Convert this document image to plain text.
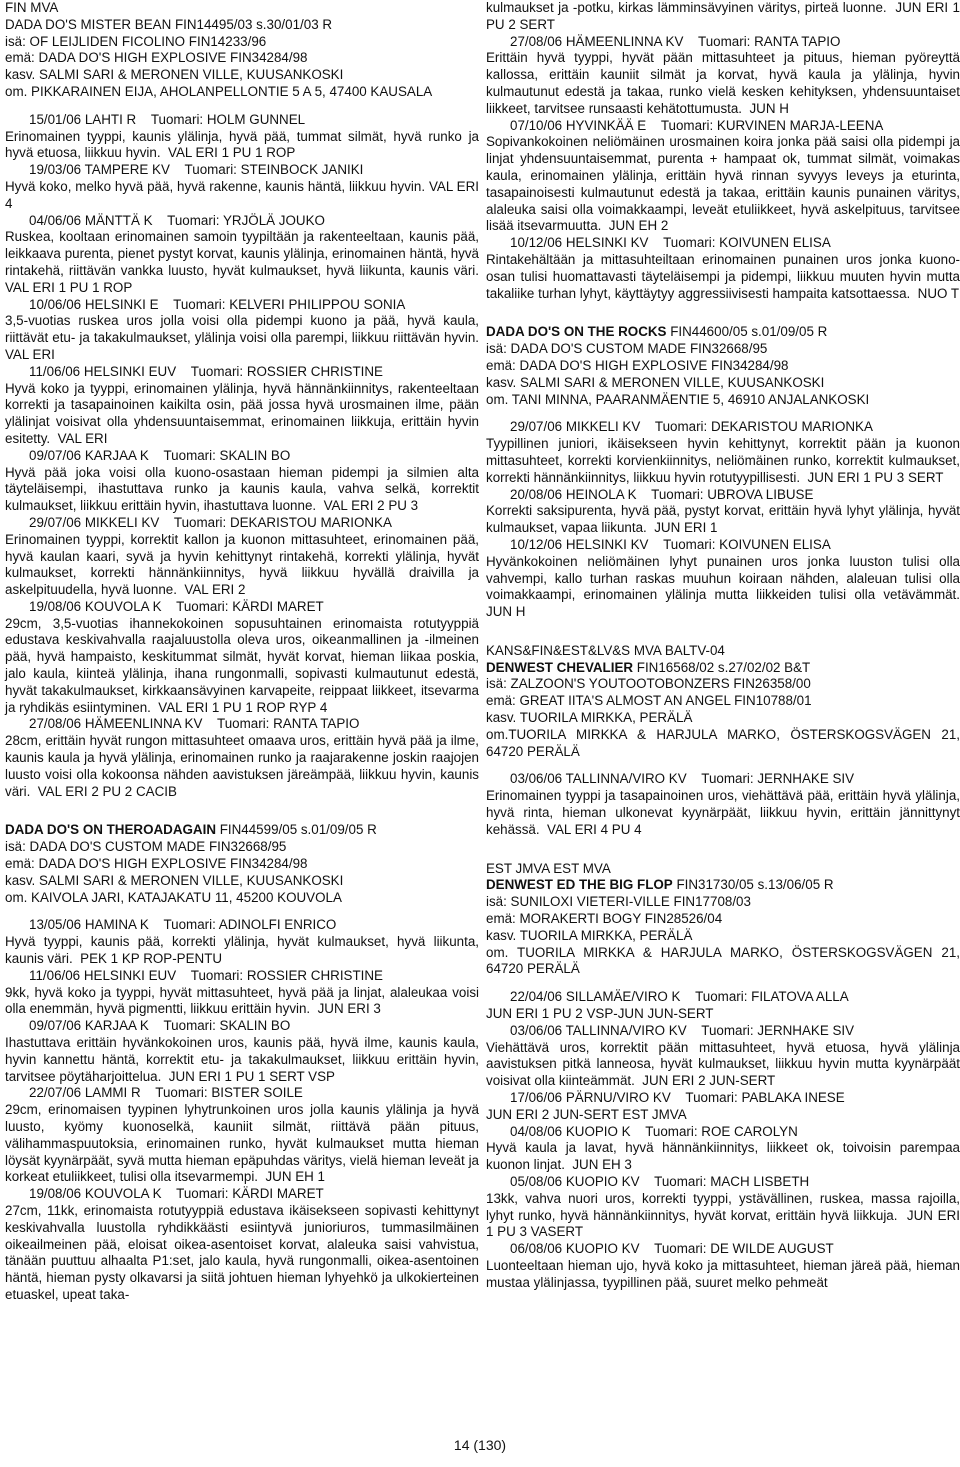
FIN MVA
DADA DO'S MISTER BEAN FIN14495/03 s.30/01/03 R
isä: OF LEIJLIDEN FICOLINO FIN14233/96
emä: DADA DO'S HIGH EXPLOSIVE FIN34284/98
kasv. SALMI SARI & MERONEN VILLE, KUUSANKOSKI
om. PIKKARAINEN EIJA, AHOLANPELLONTIE 5 A 5, 47400 KAUSALA
15/01/06 LAHTI R    Tuomari: HOLM GUNNEL
Erinomainen tyyppi, kaunis ylälinja, hyvä pää, tummat silmät, hyvä runko ja hyvä etuosa, liikkuu hyvin.  VAL ERI 1 PU 1 ROP
19/03/06 TAMPERE KV    Tuomari: STEINBOCK JANIKI
Hyvä koko, melko hyvä pää, hyvä rakenne, kaunis häntä, liikkuu hyvin. VAL ERI 4
04/06/06 MÄNTTÄ K    Tuomari: YRJÖLÄ JOUKO
Ruskea, kooltaan erinomainen samoin tyypiltään ja rakenteeltaan, kaunis pää, leikkaava purenta, pienet pystyt korvat, kaunis ylälinja, erinomainen häntä, hyvä rintakehä, riittävän vankka luusto, hyvät kulmaukset, hyvä liikunta, kaunis väri.  VAL ERI 1 PU 1 ROP
10/06/06 HELSINKI E    Tuomari: KELVERI PHILIPPOU SONIA
3,5-vuotias ruskea uros jolla voisi olla pidempi kuono ja pää, hyvä kaula, riittävät etu- ja takakulmaukset, ylälinja voisi olla parempi, liikkuu riittävän hyvin.  VAL ERI
11/06/06 HELSINKI EUV    Tuomari: ROSSIER CHRISTINE
Hyvä koko ja tyyppi, erinomainen ylälinja, hyvä hännänkiinnitys, rakenteeltaan korrekti ja tasapainoinen kaikilta osin, pää jossa hyvä urosmainen ilme, pään ylälinjat voisivat olla yhdensuuntaisemmat, erinomainen liikkuja, erittäin hyvin esitetty.  VAL ERI
09/07/06 KARJAA K    Tuomari: SKALIN BO
Hyvä pää joka voisi olla kuono-osastaan hieman pidempi ja silmien alta täyteläisempi, ihastuttava runko ja kaunis kaula, vahva selkä, korrektit kulmaukset, liikkuu erittäin hyvin, ihastuttava luonne.  VAL ERI 2 PU 3
29/07/06 MIKKELI KV    Tuomari: DEKARISTOU MARIONKA
Erinomainen tyyppi, korrektit kallon ja kuonon mittasuhteet, erinomainen pää, hyvä kaulan kaari, syvä ja hyvin kehittynyt rintakehä, korrekti ylälinja, hyvät kulmaukset, korrekti hännänkiinnitys, hyvä liikkuu hyvällä draivilla ja askelpituudella, hyvä luonne.  VAL ERI 2
19/08/06 KOUVOLA K    Tuomari: KÄRDI MARET
29cm, 3,5-vuotias ihannekokoinen sopusuhtainen erinomaista rotutyyppiä edustava keskivahvalla raajaluustolla oleva uros, oikeanmallinen ja -ilmeinen pää, hyvä hampaisto, keskitummat silmät, hyvät korvat, hieman liikaa poskia, jalo kaula, kiinteä ylälinja, ihana rungonmalli, sopivasti kulmautunut edestä, hyvät takakulmaukset, kirkkaansävyinen karvapeite, reippaat liikkeet, itsevarma ja ryhdikäs esiintyminen.  VAL ERI 1 PU 1 ROP RYP 4
27/08/06 HÄMEENLINNA KV    Tuomari: RANTA TAPIO
28cm, erittäin hyvät rungon mittasuhteet omaava uros, erittäin hyvä pää ja ilme, kaunis kaula ja hyvä ylälinja, erinomainen runko ja raajarakenne joskin raajojen luusto voisi olla kokoonsa nähden aavistuksen järeämpää, liikkuu hyvin, kaunis väri.  VAL ERI 2 PU 2 CACIB
DADA DO'S ON THEROADAGAIN FIN44599/05 s.01/09/05 R
isä: DADA DO'S CUSTOM MADE FIN32668/95
emä: DADA DO'S HIGH EXPLOSIVE FIN34284/98
kasv. SALMI SARI & MERONEN VILLE, KUUSANKOSKI
om. KAIVOLA JARI, KATAJAKATU 11, 45200 KOUVOLA
13/05/06 HAMINA K    Tuomari: ADINOLFI ENRICO
Hyvä tyyppi, kaunis pää, korrekti ylälinja, hyvät kulmaukset, hyvä liikunta, kaunis väri.  PEK 1 KP ROP-PENTU
11/06/06 HELSINKI EUV    Tuomari: ROSSIER CHRISTINE
9kk, hyvä koko ja tyyppi, hyvät mittasuhteet, hyvä pää ja linjat, alaleukaa voisi olla enemmän, hyvä pigmentti, liikkuu erittäin hyvin.  JUN ERI 3
09/07/06 KARJAA K    Tuomari: SKALIN BO
Ihastuttava erittäin hyvänkokoinen uros, kaunis pää, hyvä ilme, kaunis kaula, hyvin kannettu häntä, korrektit etu- ja takakulmaukset, liikkuu erittäin hyvin, tarvitsee pöytäharjoittelua.  JUN ERI 1 PU 1 SERT VSP
22/07/06 LAMMI R    Tuomari: BISTER SOILE
29cm, erinomaisen tyypinen lyhytrunkoinen uros jolla kaunis ylälinja ja hyvä luusto, kyömy kuonoselkä, kauniit silmät, riittävä pään pituus, välihammaspuutoksia, erinomainen runko, hyvät kulmaukset mutta hieman löysät kyynärpäät, syvä mutta hieman epäpuhdas väritys, vielä hieman leveät ja korkeat etuliikkeet, tulisi olla itsevarmempi.  JUN EH 1
19/08/06 KOUVOLA K    Tuomari: KÄRDI MARET
27cm, 11kk, erinomaista rotutyyppiä edustava ikäisekseen sopivasti kehittynyt keskivahvalla luustolla ryhdikkäästi esiintyvä junioriuros, tummasilmäinen oikeailmeinen pää, eloisat oikea-asentoiset korvat, alaleuka saisi vahvistua, tänään puuttuu alhaalta P1:set, jalo kaula, hyvä rungonmalli, oikea-asentoinen häntä, hieman pysty olkavarsi ja siitä johtuen hieman lyhyehkö ja ulkokierteinen etuaskel, upeat taka-
kulmaukset ja -potku, kirkas lämminsävyinen väritys, pirteä luonne.  JUN ERI 1 PU 2 SERT
27/08/06 HÄMEENLINNA KV    Tuomari: RANTA TAPIO
Erittäin hyvä tyyppi, hyvät pään mittasuhteet ja pituus, hieman pyöreyttä kallossa, erittäin kauniit silmät ja korvat, hyvä kaula ja ylälinja, hyvin kulmautunut edestä ja takaa, runko vielä kesken kehityksen, yhdensuuntaiset liikkeet, tarvitsee runsaasti kehätottumusta.  JUN H
07/10/06 HYVINKÄÄ E    Tuomari: KURVINEN MARJA-LEENA
Sopivankokoinen neliömäinen urosmainen koira jonka pää saisi olla pidempi ja linjat yhdensuuntaisemmat, purenta + hampaat ok, tummat silmät, voimakas kaula, erinomainen ylälinja, erittäin hyvä rinnan syvyys leveys ja eturinta, tasapainoisesti kulmautunut edestä ja takaa, erittäin kaunis punainen väritys, alaleuka saisi olla voimakkaampi, leveät etuliikkeet, hyvä askelpituus, tarvitsee lisää itsevarmuutta.  JUN EH 2
10/12/06 HELSINKI KV    Tuomari: KOIVUNEN ELISA
Rintakehältään ja mittasuhteiltaan erinomainen punainen uros jonka kuono-osan tulisi huomattavasti täyteläisempi ja pidempi, liikkuu muuten hyvin mutta takaliike turhan lyhyt, käyttäytyy aggressiivisesti hampaita katsottaessa.  NUO T
DADA DO'S ON THE ROCKS FIN44600/05 s.01/09/05 R
isä: DADA DO'S CUSTOM MADE FIN32668/95
emä: DADA DO'S HIGH EXPLOSIVE FIN34284/98
kasv. SALMI SARI & MERONEN VILLE, KUUSANKOSKI
om. TANI MINNA, PAARANMÄENTIE 5, 46910 ANJALANKOSKI
29/07/06 MIKKELI KV    Tuomari: DEKARISTOU MARIONKA
Tyypillinen juniori, ikäisekseen hyvin kehittynyt, korrektit pään ja kuonon mittasuhteet, korrekti korvienkiinnitys, neliömäinen runko, korrektit kulmaukset, korrekti hännänkiinnitys, liikkuu hyvin rotutyypillisesti.  JUN ERI 1 PU 3 SERT
20/08/06 HEINOLA K    Tuomari: UBROVA LIBUSE
Korrekti saksipurenta, hyvä pää, pystyt korvat, erittäin hyvä lyhyt ylälinja, hyvät kulmaukset, vapaa liikunta.  JUN ERI 1
10/12/06 HELSINKI KV    Tuomari: KOIVUNEN ELISA
Hyvänkokoinen neliömäinen lyhyt punainen uros jonka luuston tulisi olla vahvempi, kallo turhan raskas muuhun koiraan nähden, alaleuan tulisi olla voimakkaampi, erinomainen ylälinja mutta liikkeiden tulisi olla vetävämmät.  JUN H
KANS&FIN&EST&LV&S MVA BALTV-04
DENWEST CHEVALIER FIN16568/02 s.27/02/02 B&T
isä: ZALZOON'S YOUTOOTOBONZERS FIN26358/00
emä: GREAT IITA'S ALMOST AN ANGEL FIN10788/01
kasv. TUORILA MIRKKA, PERÄLÄ
om.TUORILA MIRKKA & HARJULA MARKO, ÖSTERSKOGSVÄGEN 21, 64720 PERÄLÄ
03/06/06 TALLINNA/VIRO KV    Tuomari: JERNHAKE SIV
Erinomainen tyyppi ja tasapainoinen uros, viehättävä pää, erittäin hyvä ylälinja, hyvä rinta, hieman ulkonevat kyynärpäät, liikkuu hyvin, erittäin jännittynyt kehässä.  VAL ERI 4 PU 4
EST JMVA EST MVA
DENWEST ED THE BIG FLOP FIN31730/05 s.13/06/05 R
isä: SUNILOXI VIETERI-VILLE FIN17708/03
emä: MORAKERTI BOGY FIN28526/04
kasv. TUORILA MIRKKA, PERÄLÄ
om. TUORILA MIRKKA & HARJULA MARKO, ÖSTERSKOGSVÄGEN 21, 64720 PERÄLÄ
22/04/06 SILLAMÄE/VIRO K    Tuomari: FILATOVA ALLA
JUN ERI 1 PU 2 VSP-JUN JUN-SERT
03/06/06 TALLINNA/VIRO KV    Tuomari: JERNHAKE SIV
Viehättävä uros, korrektit pään mittasuhteet, hyvä etuosa, hyvä ylälinja aavistuksen pitkä lanneosa, hyvät kulmaukset, liikkuu hyvin mutta kyynärpäät voisivat olla kiinteämmät.  JUN ERI 2 JUN-SERT
17/06/06 PÄRNU/VIRO KV    Tuomari: PABLAKA INESE
JUN ERI 2 JUN-SERT EST JMVA
04/08/06 KUOPIO K    Tuomari: ROE CAROLYN
Hyvä kaula ja lavat, hyvä hännänkiinnitys, liikkeet ok, toivoisin parempaa kuonon linjat.  JUN EH 3
05/08/06 KUOPIO KV    Tuomari: MACH LISBETH
13kk, vahva nuori uros, korrekti tyyppi, ystävällinen, ruskea, massa rajoilla, lyhyt runko, hyvä hännänkiinnitys, hyvät korvat, erittäin hyvä liikkuja.  JUN ERI 1 PU 3 VASERT
06/08/06 KUOPIO KV    Tuomari: DE WILDE AUGUST
Luonteeltaan hieman ujo, hyvä koko ja mittasuhteet, hieman järeä pää, hieman mustaa ylälinjassa, tyypillinen pää, suuret melko pehmeät
14 (130)
